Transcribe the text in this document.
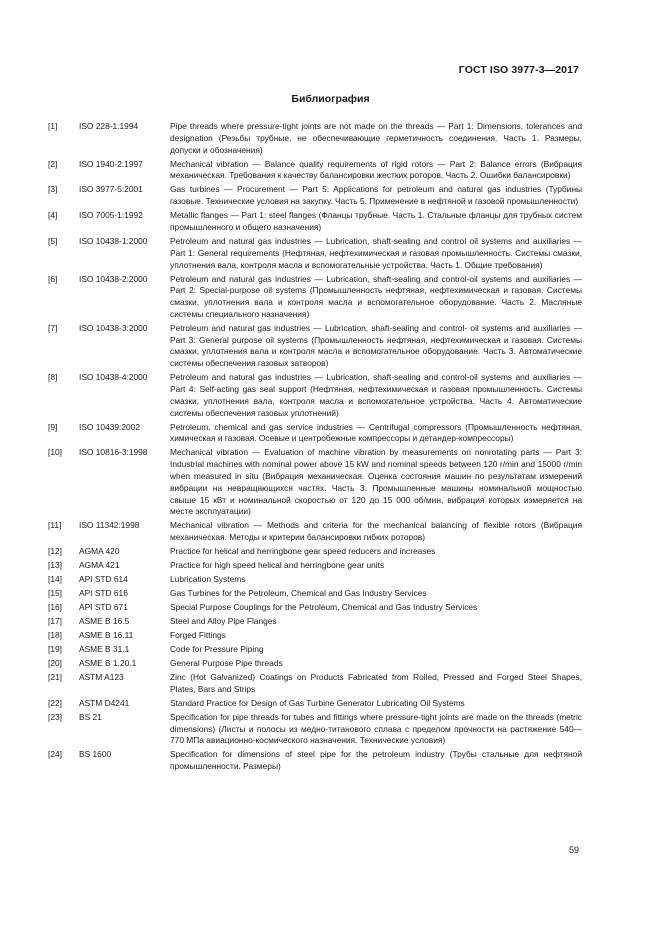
ГОСТ ISO 3977-3—2017
Библиография
[1]	ISO 228-1:1994	Pipe threads where pressure-tight joints are not made on the threads — Part 1: Dimensions, tolerances and designation (Резьбы трубные, не обеспечивающие герметичность соединения. Часть 1. Размеры, допуски и обозначения)
[2]	ISO 1940-2:1997	Mechanical vibration — Balance quality requirements of rigid rotors — Part 2: Balance errors (Вибрация механическая. Требования к качеству балансировки жестких роторов. Часть 2. Ошибки балансировки)
[3]	ISO 3977-5:2001	Gas turbines — Procurement — Part 5: Applications for petroleum and natural gas industries (Турбины газовые. Технические условия на закупку. Часть 5. Применение в нефтяной и газовой промышленности)
[4]	ISO 7005-1:1992	Metallic flanges — Part 1: steel flanges (Фланцы трубные. Часть 1. Стальные фланцы для трубных систем промышленного и общего назначения)
[5]	ISO 10438-1:2000	Petroleum and natural gas industries — Lubrication, shaft-sealing and control oil systems and auxiliaries — Part 1: General requirements (Нефтяная, нефтехимическая и газовая промышленность. Системы смазки, уплотнения вала, контроля масла и вспомогательные устройства. Часть 1. Общие требования)
[6]	ISO 10438-2:2000	Petroleum and natural gas industries — Lubrication, shaft-sealing and control-oil systems and auxiliaries — Part 2: Special-purpose oil systems (Промышленность нефтяная, нефтехимическая и газовая. Системы смазки, уплотнения вала и контроля масла и вспомогательное оборудование. Часть 2. Масляные системы специального назначения)
[7]	ISO 10438-3:2000	Petroleum and natural gas industries — Lubrication, shaft-sealing and control- oil systems and auxiliaries — Part 3: General purpose oil systems (Промышленность нефтяная, нефтехимическая и газовая. Системы смазки, уплотнения вала и контроля масла и вспомогательное оборудование. Часть 3. Автоматические системы обеспечения газовых затворов)
[8]	ISO 10438-4:2000	Petroleum and natural gas industries — Lubrication, shaft-sealing and control-oil systems and auxiliaries — Part 4: Self-acting gas seal support (Нефтяная, нефтехимическая и газовая промышленность. Системы смазки, уплотнения вала, контроля масла и вспомогательное устройства. Часть 4. Автоматические системы обеспечения газовых уплотнений)
[9]	ISO 10439:2002	Petroleum, chemical and gas service industries — Centrifugal compressors (Промышленность нефтяная, химическая и газовая. Осевые и центробежные компрессоры и детандер-компрессоры)
[10]	ISO 10816-3:1998	Mechanical vibration — Evaluation of machine vibration by measurements on nonrotating parts — Part 3: Industrial machines with nominal power above 15 kW and nominal speeds between 120 r/min and 15000 r/min when measured in situ (Вибрация механическая. Оценка состояния машин по результатам измерений вибрации на невращающихся частях. Часть 3. Промышленные машины номинальной мощностью свыше 15 кВт и номинальной скоростью от 120 до 15 000 об/мин, вибрация которых измеряется на месте эксплуатации)
[11]	ISO 11342:1998	Mechanical vibration — Methods and criteria for the mechanical balancing of flexible rotors (Вибрация механическая. Методы и критерии балансировки гибких роторов)
[12]	AGMA 420	Practice for helical and herringbone gear speed reducers and increases
[13]	AGMA 421	Practice for high speed helical and herringbone gear units
[14]	API STD 614	Lubrication Systems
[15]	API STD 616	Gas Turbines for the Petroleum, Chemical and Gas Industry Services
[16]	API STD 671	Special Purpose Couplings for the Petroleum, Chemical and Gas Industry Services
[17]	ASME B 16.5	Steel and Alloy Pipe Flanges
[18]	ASME B 16.11	Forged Fittings
[19]	ASME B 31.1	Code for Pressure Piping
[20]	ASME B 1.20.1	General Purpose Pipe threads
[21]	ASTM A123	Zinc (Hot Galvanized) Coatings on Products Fabricated from Rolled, Pressed and Forged Steel Shapes, Plates, Bars and Strips
[22]	ASTM D4241	Standard Practice for Design of Gas Turbine Generator Lubricating Oil Systems
[23]	BS 21	Specification for pipe threads for tubes and fittings where pressure-tight joints are made on the threads (metric dimensions) (Листы и полосы из медно-титанового сплава с пределом прочности на растяжение 540—770 МПа авиационно-космического назначения. Технические условия)
[24]	BS 1600	Specification for dimensions of steel pipe for the petroleum industry (Трубы стальные для нефтяной промышленности. Размеры)
59
